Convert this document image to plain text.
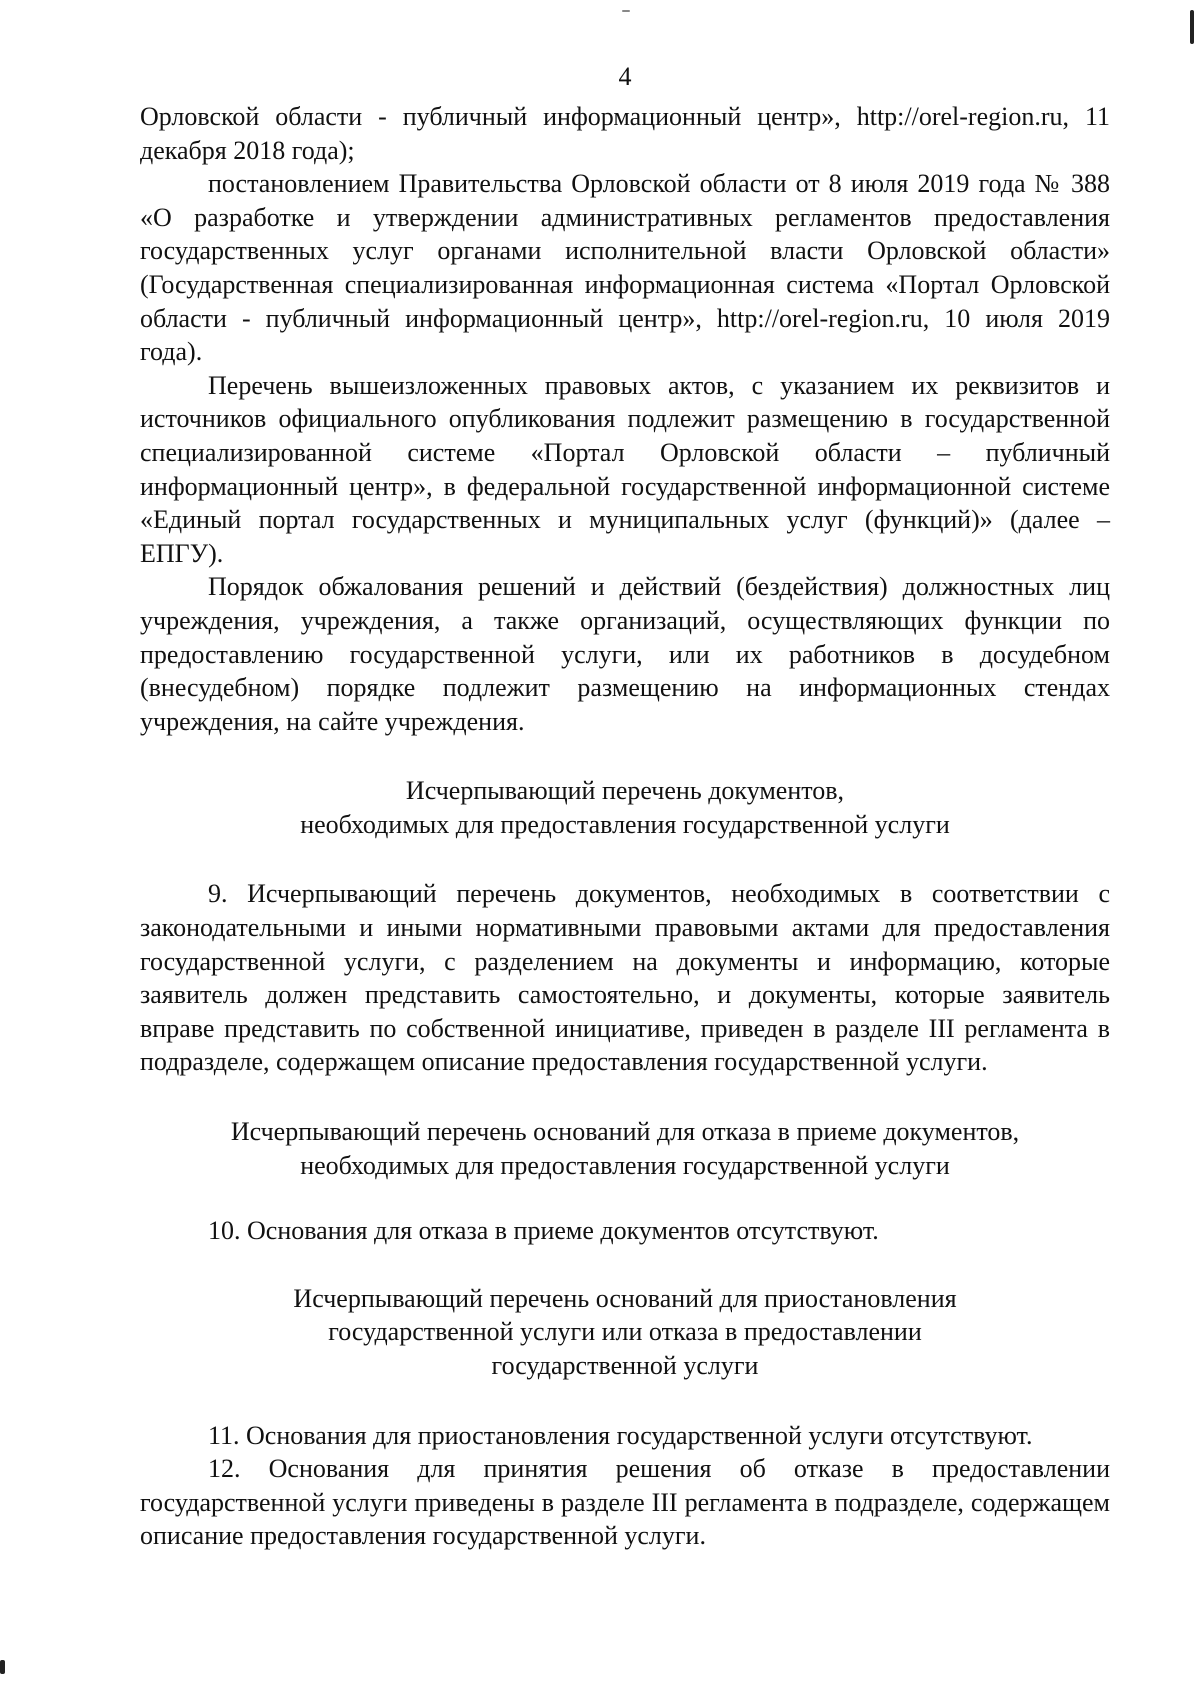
4

Орловской области - публичный информационный центр», http://orel-region.ru, 11 декабря 2018 года);

постановлением Правительства Орловской области от 8 июля 2019 года № 388 «О разработке и утверждении административных регламентов предоставления государственных услуг органами исполнительной власти Орловской области» (Государственная специализированная информационная система «Портал Орловской области - публичный информационный центр», http://orel-region.ru, 10 июля 2019 года).

Перечень вышеизложенных правовых актов, с указанием их реквизитов и источников официального опубликования подлежит размещению в государственной специализированной системе «Портал Орловской области – публичный информационный центр», в федеральной государственной информационной системе «Единый портал государственных и муниципальных услуг (функций)» (далее – ЕПГУ).

Порядок обжалования решений и действий (бездействия) должностных лиц учреждения, учреждения, а также организаций, осуществляющих функции по предоставлению государственной услуги, или их работников в досудебном (внесудебном) порядке подлежит размещению на информационных стендах учреждения, на сайте учреждения.

Исчерпывающий перечень документов,
необходимых для предоставления государственной услуги

9. Исчерпывающий перечень документов, необходимых в соответствии с законодательными и иными нормативными правовыми актами для предоставления государственной услуги, с разделением на документы и информацию, которые заявитель должен представить самостоятельно, и документы, которые заявитель вправе представить по собственной инициативе, приведен в разделе III регламента в подразделе, содержащем описание предоставления государственной услуги.

Исчерпывающий перечень оснований для отказа в приеме документов,
необходимых для предоставления государственной услуги

10. Основания для отказа в приеме документов отсутствуют.

Исчерпывающий перечень оснований для приостановления
государственной услуги или отказа в предоставлении
государственной услуги

11. Основания для приостановления государственной услуги отсутствуют.

12. Основания для принятия решения об отказе в предоставлении государственной услуги приведены в разделе III регламента в подразделе, содержащем описание предоставления государственной услуги.
